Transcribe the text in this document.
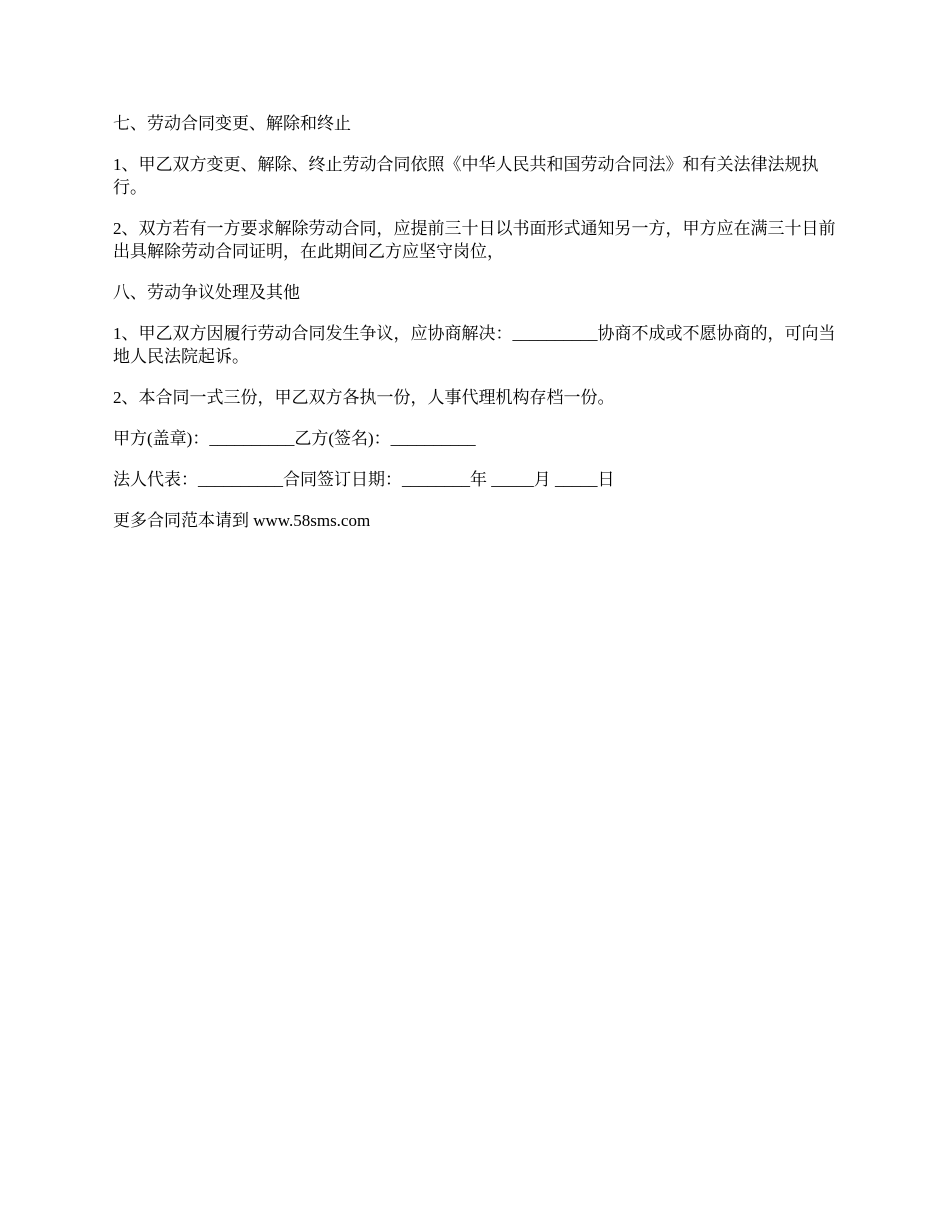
七、劳动合同变更、解除和终止

1、甲乙双方变更、解除、终止劳动合同依照《中华人民共和国劳动合同法》和有关法律法规执行。

2、双方若有一方要求解除劳动合同，应提前三十日以书面形式通知另一方，甲方应在满三十日前出具解除劳动合同证明，在此期间乙方应坚守岗位，

八、劳动争议处理及其他

1、甲乙双方因履行劳动合同发生争议，应协商解决：__________协商不成或不愿协商的，可向当地人民法院起诉。

2、本合同一式三份，甲乙双方各执一份，人事代理机构存档一份。

甲方(盖章)：__________乙方(签名)：__________

法人代表：__________合同签订日期：________年 _____月 _____日

更多合同范本请到 www.58sms.com
